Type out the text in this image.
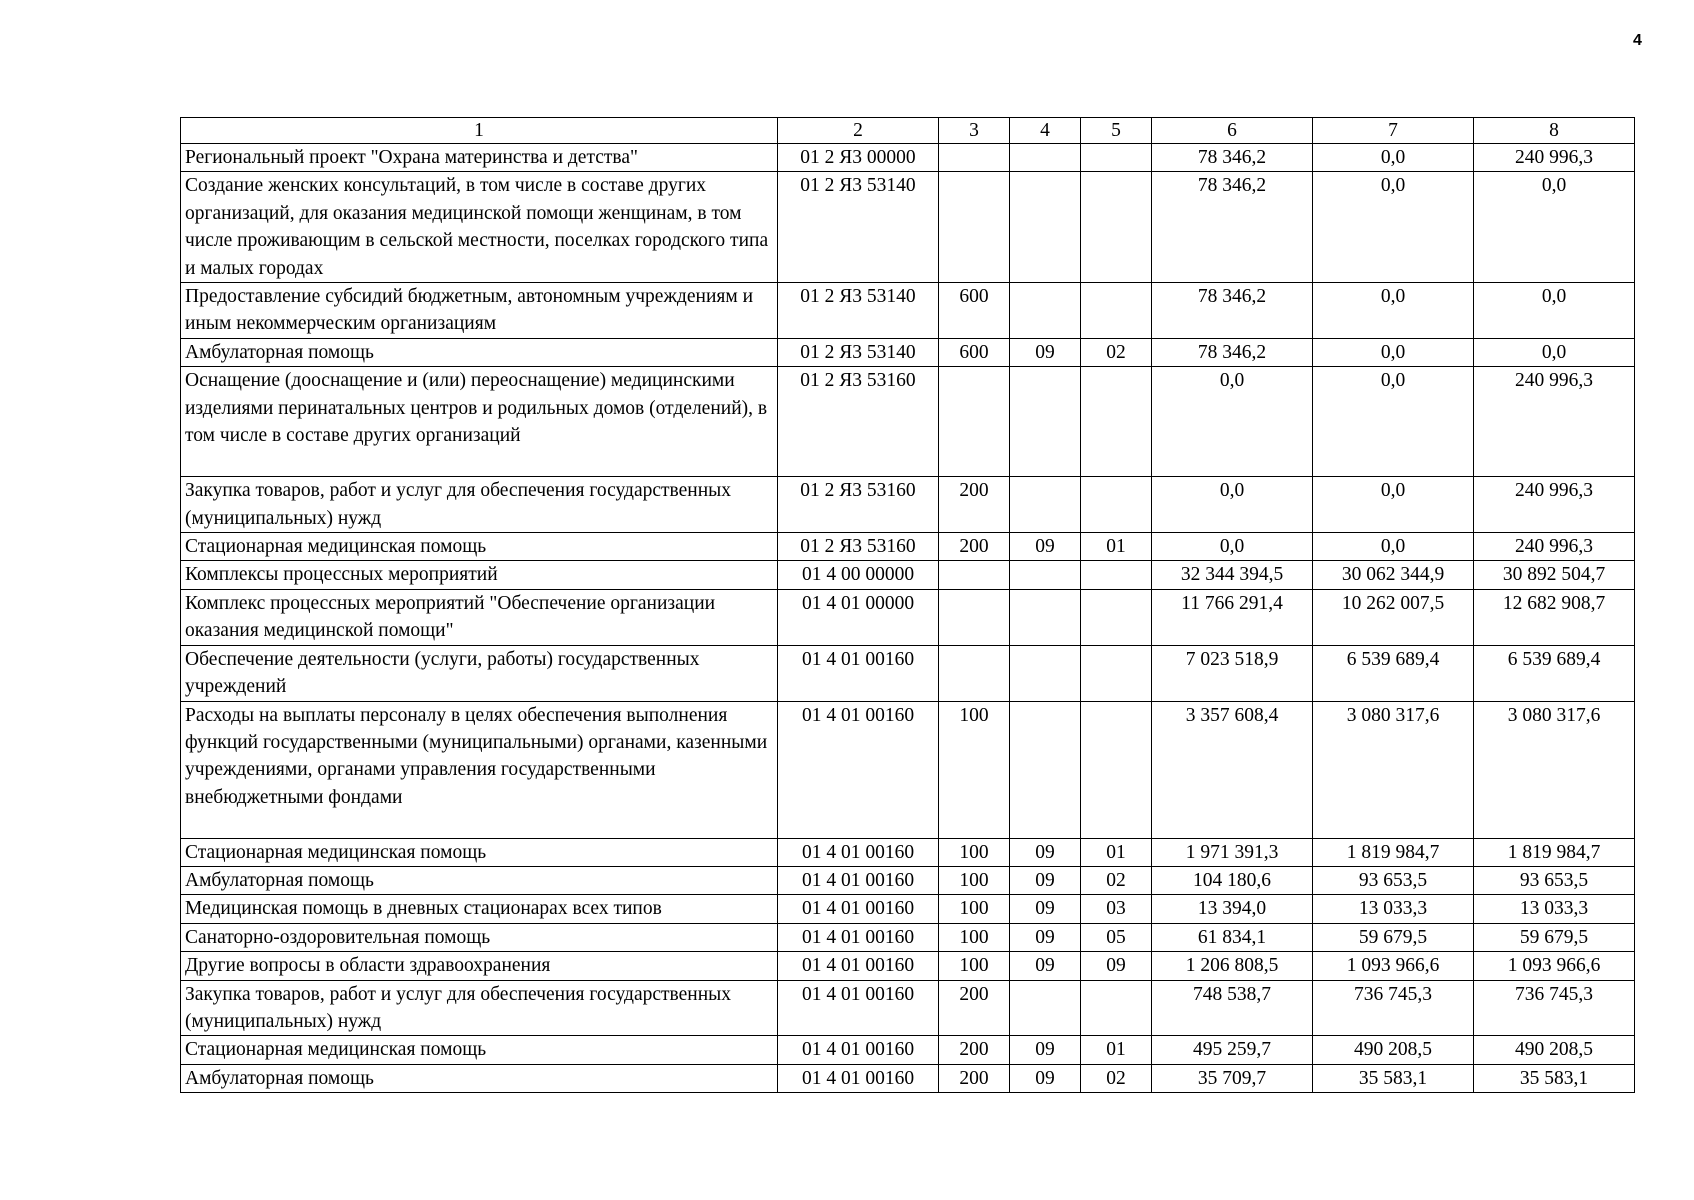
4
1	2	3	4	5	6	7	8
Региональный проект "Охрана материнства и детства"	01 2 Я3 00000				78 346,2	0,0	240 996,3
Создание женских консультаций, в том числе в составе других организаций, для оказания медицинской помощи женщинам, в том числе проживающим в сельской местности, поселках городского типа и малых городах	01 2 Я3 53140				78 346,2	0,0	0,0
Предоставление субсидий бюджетным, автономным учреждениям и иным некоммерческим организациям	01 2 Я3 53140	600			78 346,2	0,0	0,0
Амбулаторная помощь	01 2 Я3 53140	600	09	02	78 346,2	0,0	0,0
Оснащение (дооснащение и (или) переоснащение) медицинскими изделиями перинатальных центров и родильных домов (отделений), в том числе в составе других организаций	01 2 Я3 53160				0,0	0,0	240 996,3
Закупка товаров, работ и услуг для обеспечения государственных (муниципальных) нужд	01 2 Я3 53160	200			0,0	0,0	240 996,3
Стационарная медицинская помощь	01 2 Я3 53160	200	09	01	0,0	0,0	240 996,3
Комплексы процессных мероприятий	01 4 00 00000				32 344 394,5	30 062 344,9	30 892 504,7
Комплекс процессных мероприятий "Обеспечение организации оказания медицинской помощи"	01 4 01 00000				11 766 291,4	10 262 007,5	12 682 908,7
Обеспечение деятельности (услуги, работы) государственных учреждений	01 4 01 00160				7 023 518,9	6 539 689,4	6 539 689,4
Расходы на выплаты персоналу в целях обеспечения выполнения функций государственными (муниципальными) органами, казенными учреждениями, органами управления государственными внебюджетными фондами	01 4 01 00160	100			3 357 608,4	3 080 317,6	3 080 317,6
Стационарная медицинская помощь	01 4 01 00160	100	09	01	1 971 391,3	1 819 984,7	1 819 984,7
Амбулаторная помощь	01 4 01 00160	100	09	02	104 180,6	93 653,5	93 653,5
Медицинская помощь в дневных стационарах всех типов	01 4 01 00160	100	09	03	13 394,0	13 033,3	13 033,3
Санаторно-оздоровительная помощь	01 4 01 00160	100	09	05	61 834,1	59 679,5	59 679,5
Другие вопросы в области здравоохранения	01 4 01 00160	100	09	09	1 206 808,5	1 093 966,6	1 093 966,6
Закупка товаров, работ и услуг для обеспечения государственных (муниципальных) нужд	01 4 01 00160	200			748 538,7	736 745,3	736 745,3
Стационарная медицинская помощь	01 4 01 00160	200	09	01	495 259,7	490 208,5	490 208,5
Амбулаторная помощь	01 4 01 00160	200	09	02	35 709,7	35 583,1	35 583,1
